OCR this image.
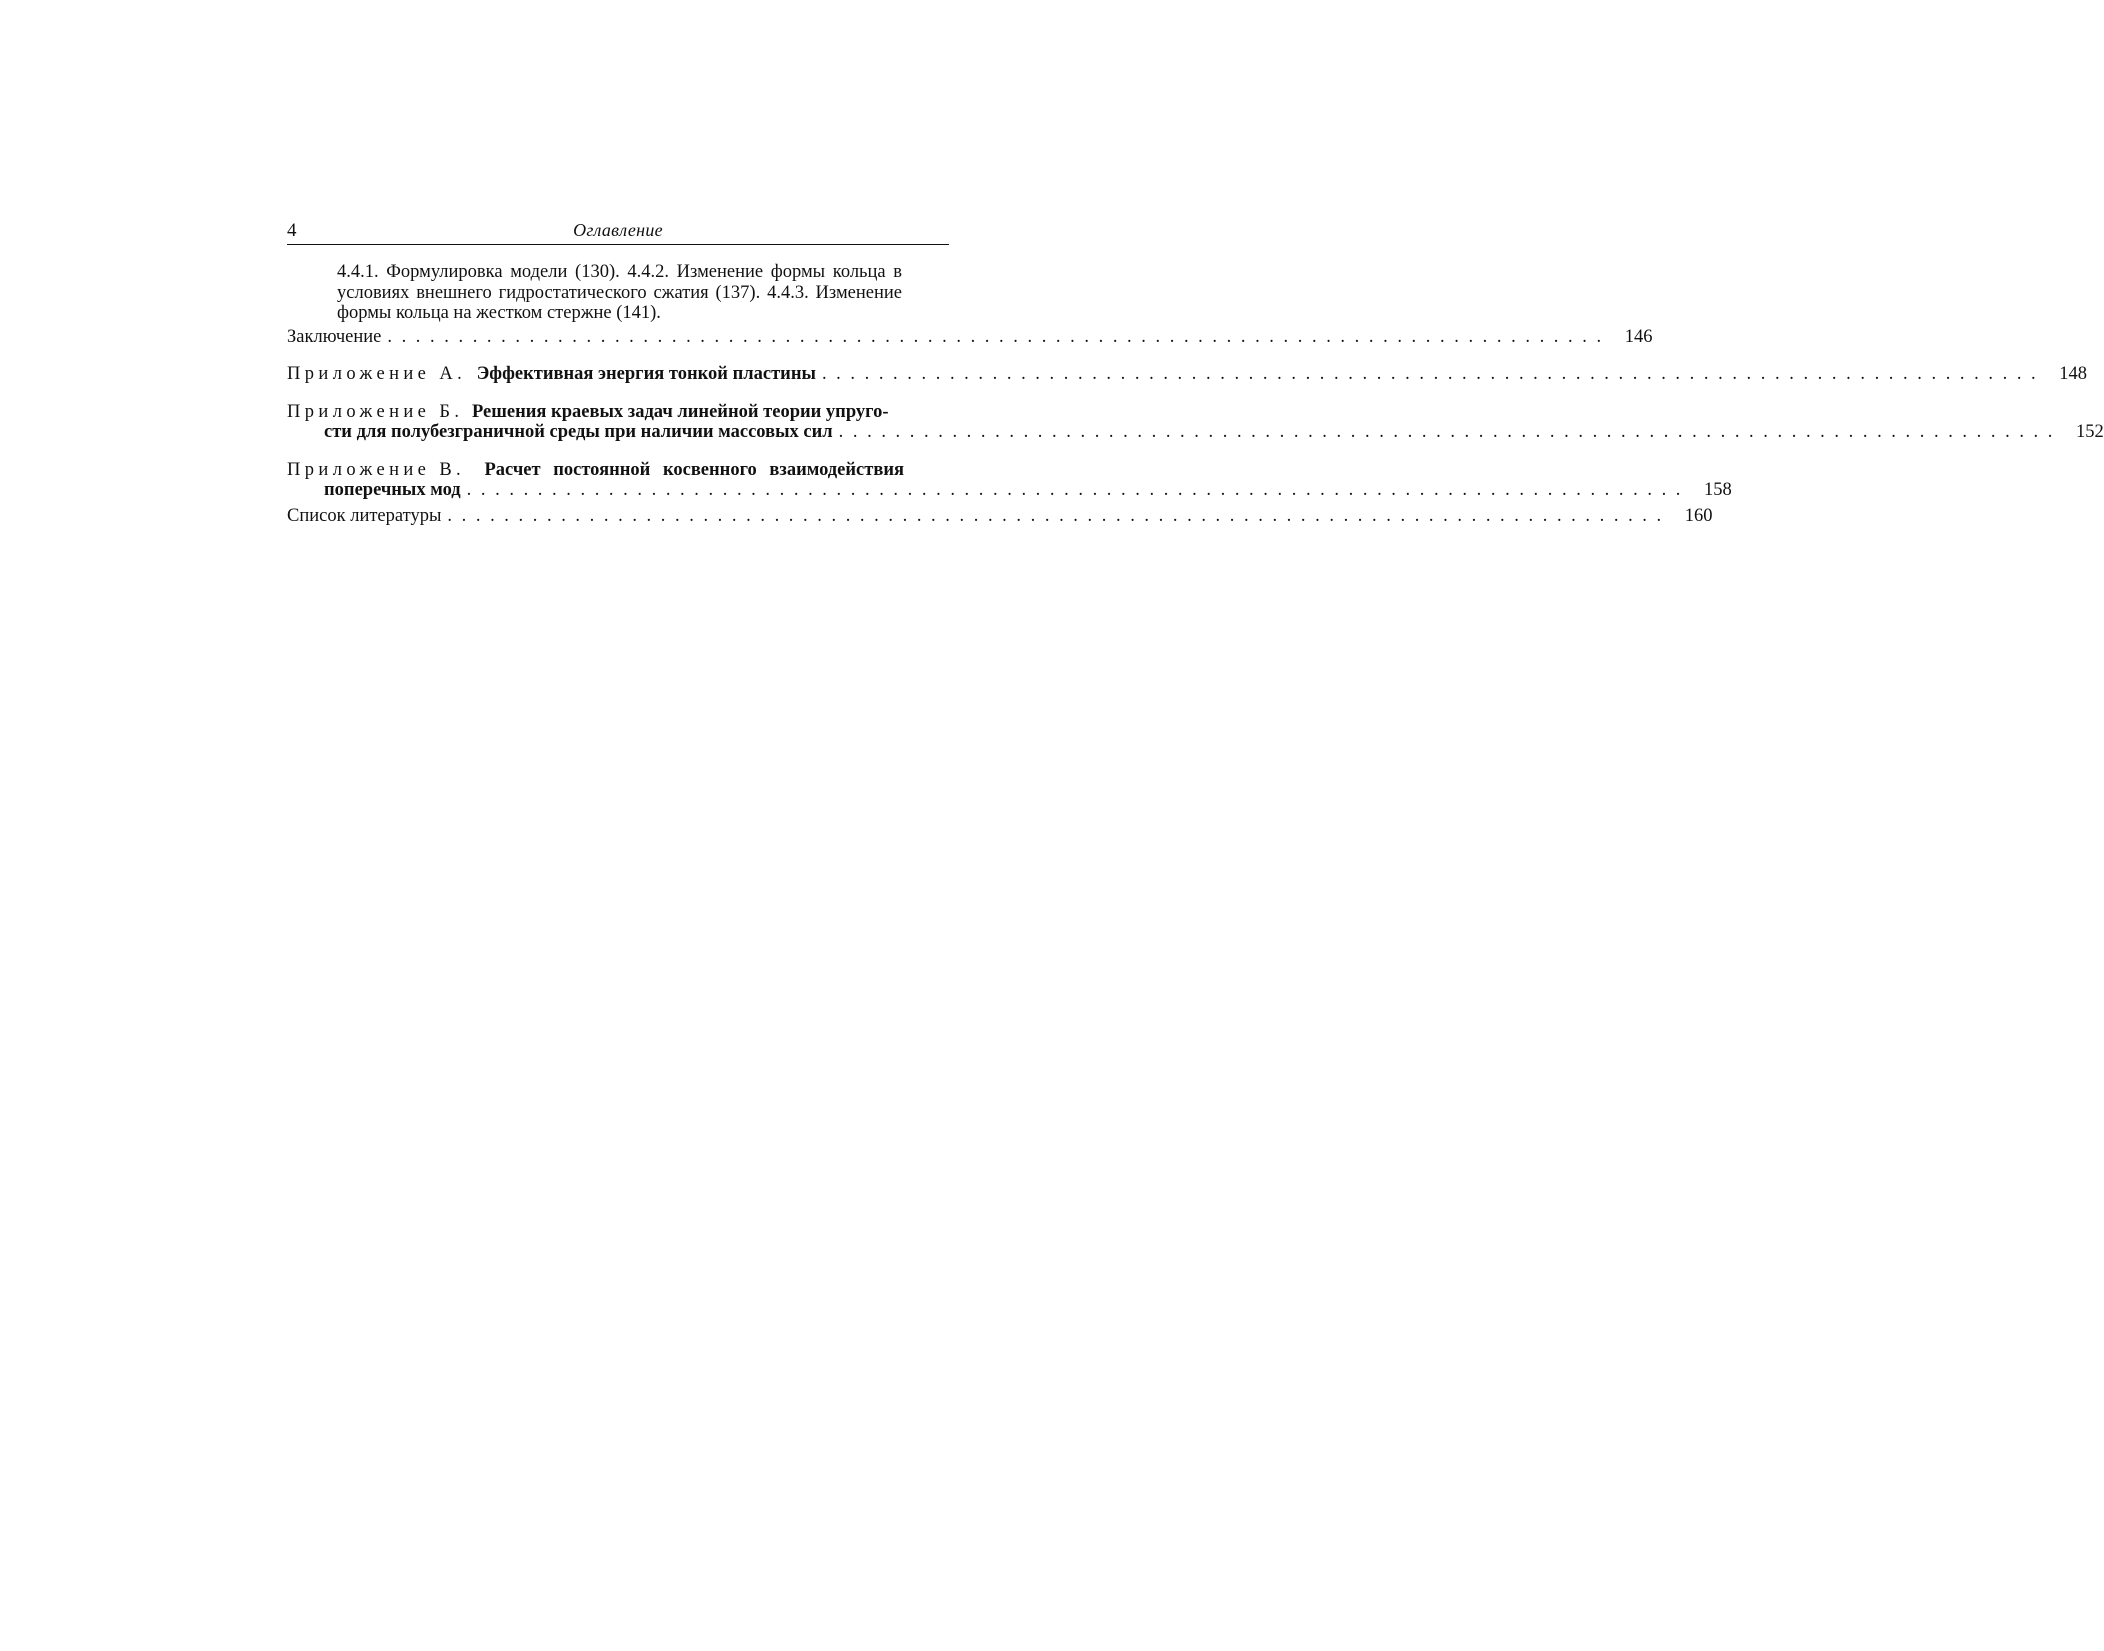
4	Оглавление
4.4.1. Формулировка модели (130). 4.4.2. Изменение формы кольца в условиях внешнего гидростатического сжатия (137). 4.4.3. Изменение формы кольца на жестком стержне (141).
Заключение ...................................................................................... 146
Приложение А. Эффективная энергия тонкой пластины ...................................................................................... 148
Приложение Б. Решения краевых задач линейной теории упруго-
сти для полубезграничной среды при наличии массовых сил ...................................................................................... 152
Приложение В. Расчет постоянной косвенного взаимодействия
поперечных мод ...................................................................................... 158
Список литературы ...................................................................................... 160
